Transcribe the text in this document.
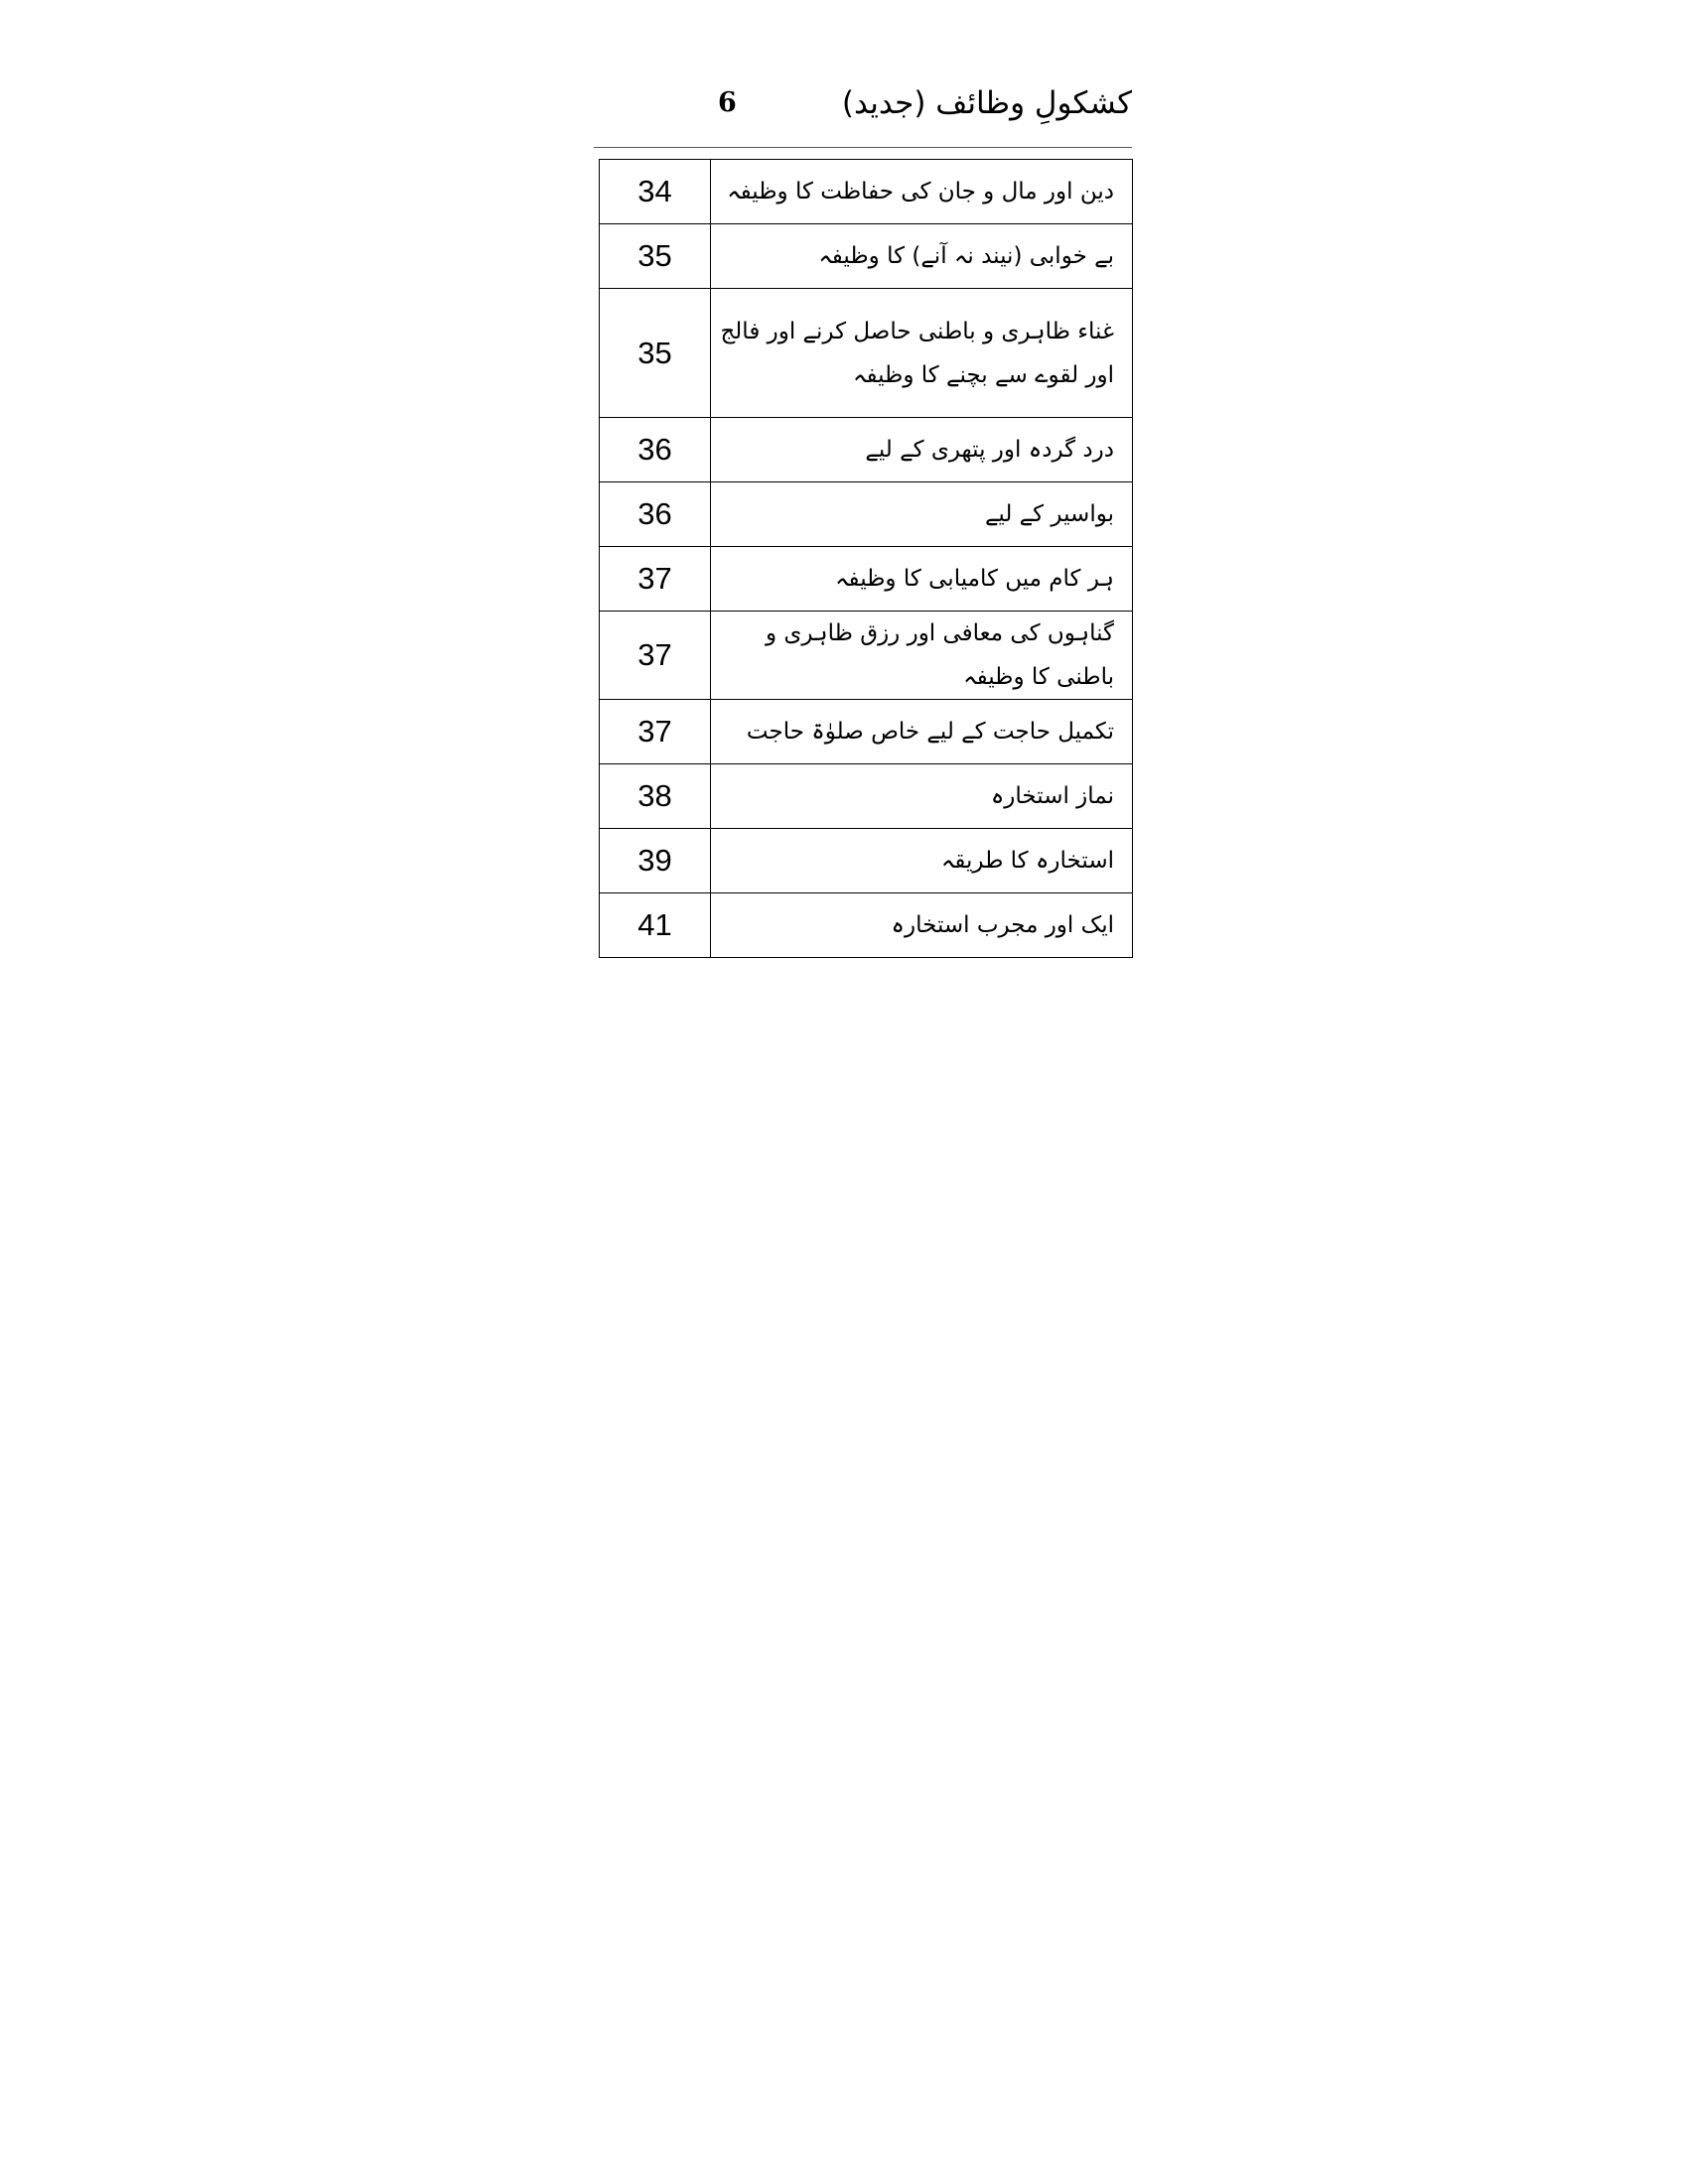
کشکولِ وظائف (جدید)
6
34	دین اور مال و جان کی حفاظت کا وظیفہ
35	بے خوابی (نیند نہ آنے) کا وظیفہ
35	غناء ظاہری و باطنی حاصل کرنے اور فالج اور لقوے سے بچنے کا وظیفہ
36	درد گردہ اور پتھری کے لیے
36	بواسیر کے لیے
37	ہر کام میں کامیابی کا وظیفہ
37	گناہوں کی معافی اور رزق ظاہری و باطنی کا وظیفہ
37	تکمیل حاجت کے لیے خاص صلوٰۃ حاجت
38	نماز استخارہ
39	استخارہ کا طریقہ
41	ایک اور مجرب استخارہ
